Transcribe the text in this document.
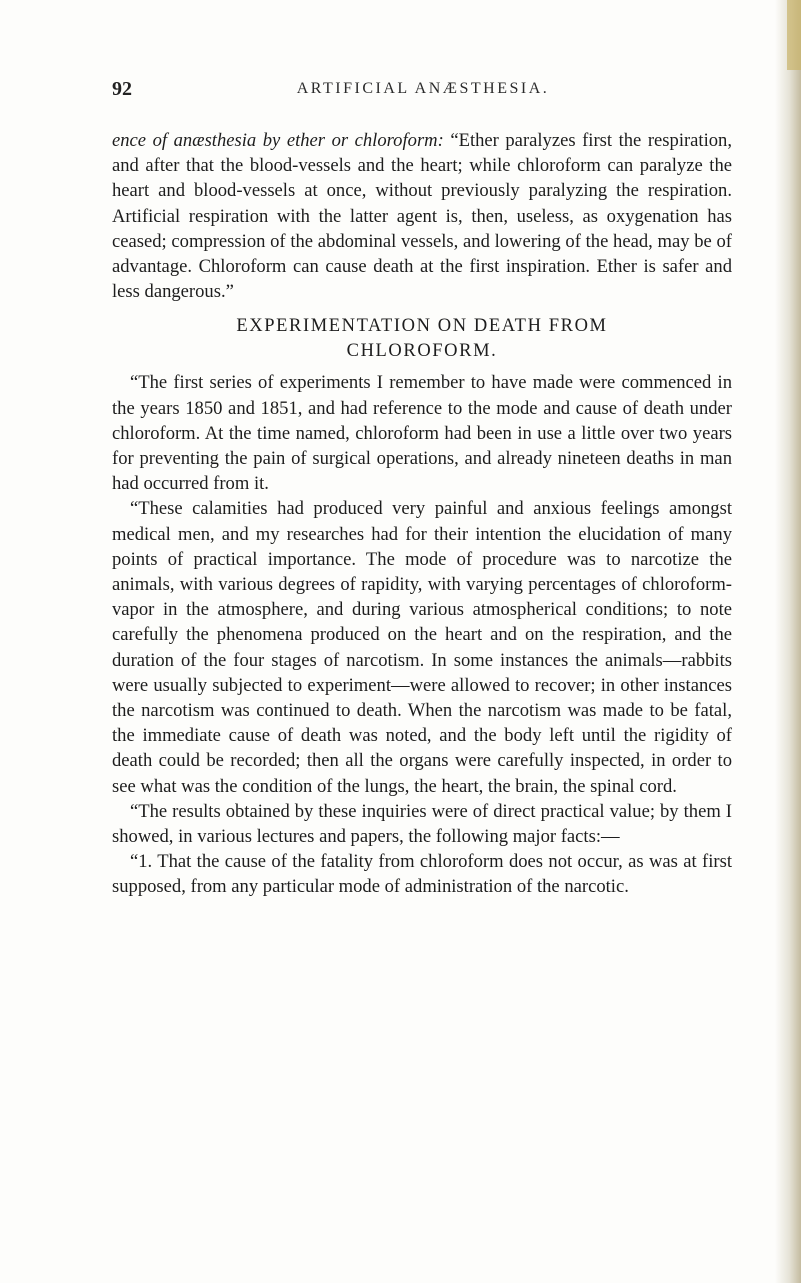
92	ARTIFICIAL ANÆSTHESIA.

ence of anæsthesia by ether or chloroform: “Ether paralyzes first the respiration, and after that the blood-vessels and the heart; while chloroform can paralyze the heart and blood-vessels at once, without previously paralyzing the respiration. Artificial respiration with the latter agent is, then, useless, as oxygenation has ceased; compression of the abdominal vessels, and lowering of the head, may be of advantage. Chloroform can cause death at the first inspiration. Ether is safer and less dangerous.”

EXPERIMENTATION ON DEATH FROM
CHLOROFORM.

“The first series of experiments I remember to have made were commenced in the years 1850 and 1851, and had reference to the mode and cause of death under chloroform. At the time named, chloroform had been in use a little over two years for preventing the pain of surgical operations, and already nineteen deaths in man had occurred from it.

“These calamities had produced very painful and anxious feelings amongst medical men, and my researches had for their intention the elucidation of many points of practical importance. The mode of procedure was to narcotize the animals, with various degrees of rapidity, with varying percentages of chloroform-vapor in the atmosphere, and during various atmospherical conditions; to note carefully the phenomena produced on the heart and on the respiration, and the duration of the four stages of narcotism. In some instances the animals—rabbits were usually subjected to experiment—were allowed to recover; in other instances the narcotism was continued to death. When the narcotism was made to be fatal, the immediate cause of death was noted, and the body left until the rigidity of death could be recorded; then all the organs were carefully inspected, in order to see what was the condition of the lungs, the heart, the brain, the spinal cord.

“The results obtained by these inquiries were of direct practical value; by them I showed, in various lectures and papers, the following major facts:—

“1. That the cause of the fatality from chloroform does not occur, as was at first supposed, from any particular mode of administration of the narcotic.
